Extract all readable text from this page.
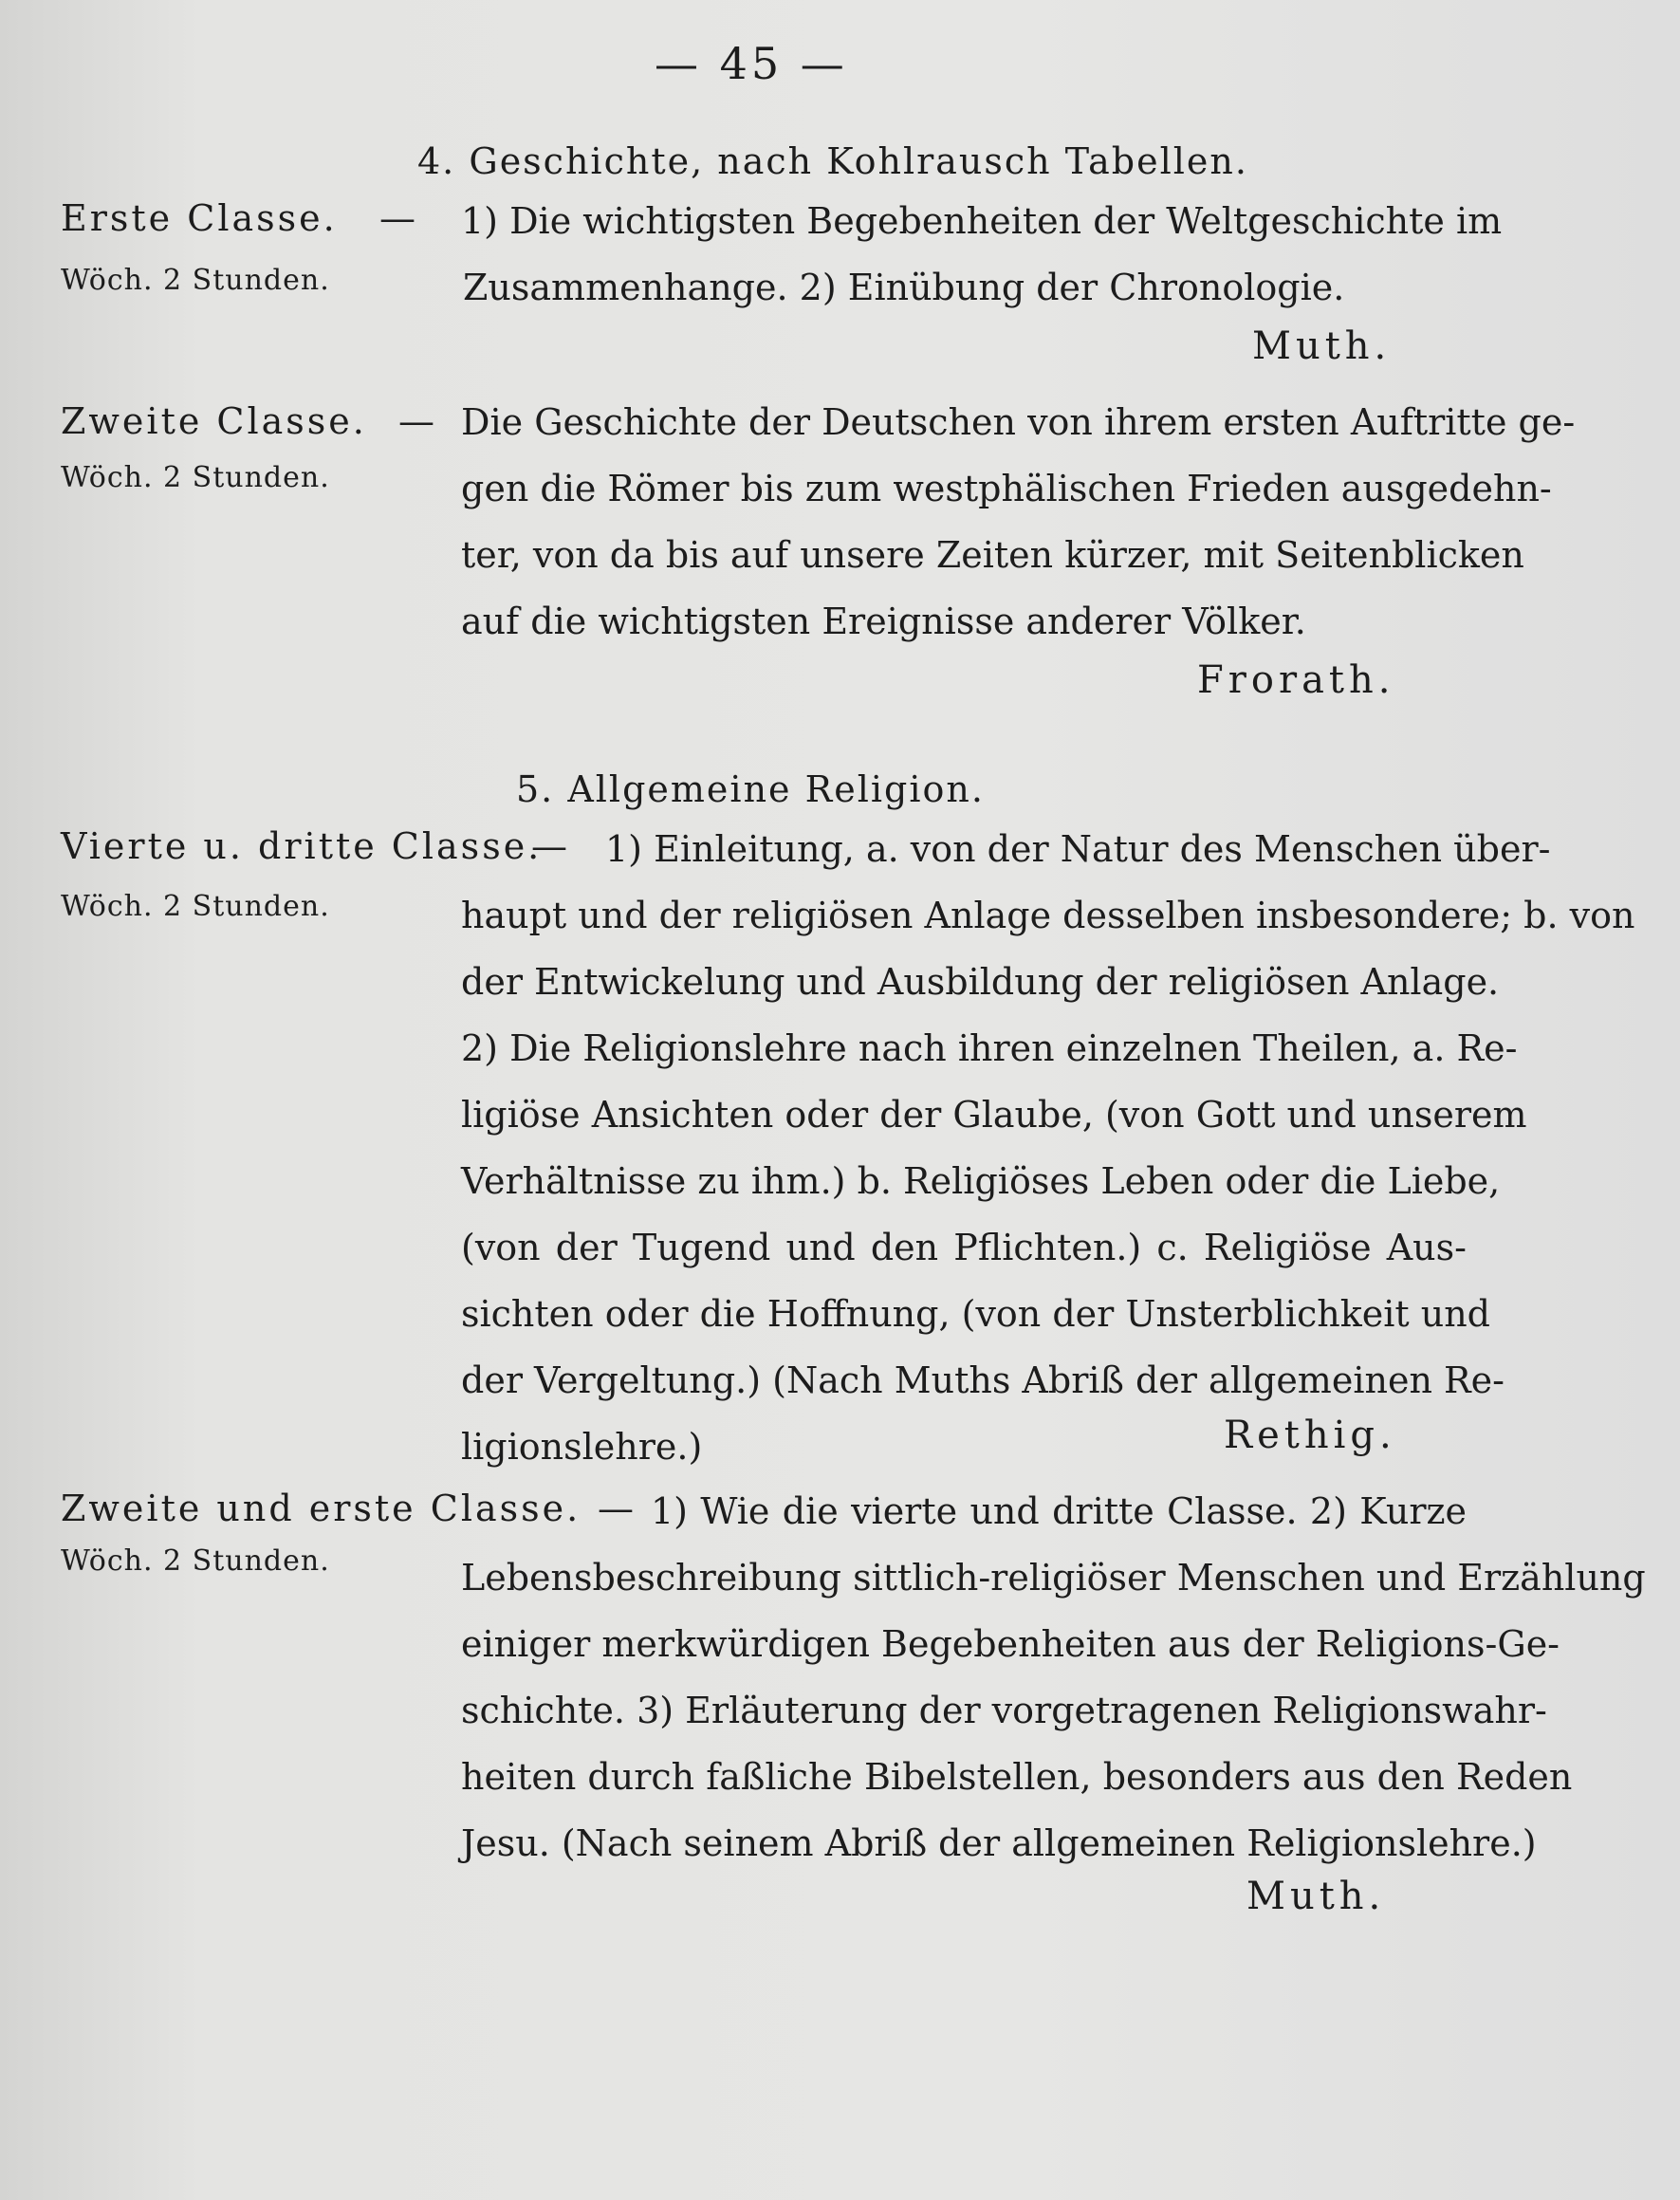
— 45 —
4. Geschichte, nach Kohlrausch Tabellen.
Erste Classe. —
Wöch. 2 Stunden.
1) Die wichtigsten Begebenheiten der Weltgeschichte im
Zusammenhange. 2) Einübung der Chronologie.
Muth.
Zweite Classe. —
Wöch. 2 Stunden.
Die Geschichte der Deutschen von ihrem ersten Auftritte ge-
gen die Römer bis zum westphälischen Frieden ausgedehn-
ter, von da bis auf unsere Zeiten kürzer, mit Seitenblicken
auf die wichtigsten Ereignisse anderer Völker.
Frorath.
5. Allgemeine Religion.
Vierte u. dritte Classe.
—
Wöch. 2 Stunden.
1) Einleitung, a. von der Natur des Menschen über-
haupt und der religiösen Anlage desselben insbesondere; b. von
der Entwickelung und Ausbildung der religiösen Anlage.
2) Die Religionslehre nach ihren einzelnen Theilen, a. Re-
ligiöse Ansichten oder der Glaube, (von Gott und unserem
Verhältnisse zu ihm.) b. Religiöses Leben oder die Liebe,
(von der Tugend und den Pflichten.) c. Religiöse Aus-
sichten oder die Hoffnung, (von der Unsterblichkeit und
der Vergeltung.) (Nach Muths Abriß der allgemeinen Re-
ligionslehre.)	Rethig.
Zweite und erste Classe. —
Wöch. 2 Stunden.
1) Wie die vierte und dritte Classe. 2) Kurze
Lebensbeschreibung sittlich-religiöser Menschen und Erzählung
einiger merkwürdigen Begebenheiten aus der Religions-Ge-
schichte. 3) Erläuterung der vorgetragenen Religionswahr-
heiten durch faßliche Bibelstellen, besonders aus den Reden
Jesu. (Nach seinem Abriß der allgemeinen Religionslehre.)
Muth.
